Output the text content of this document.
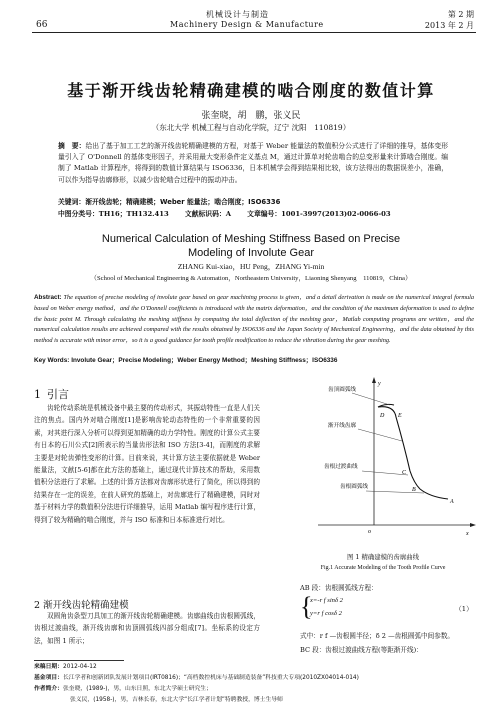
机械设计与制造	第 2 期
66	Machinery Design & Manufacture	2013 年 2 月
基于渐开线齿轮精确建模的啮合刚度的数值计算
张奎晓，胡　鹏，张义民
（东北大学 机械工程与自动化学院，辽宁 沈阳　110819）
摘　要：给出了基于加工工艺的渐开线齿轮精确建模的方程，对基于 Weber 能量法的数值积分公式进行了详细的推导，基体变形量引入了 O'Donnell 的基体变形因子，并采用最大变形条件定义基点 M，通过计算单对轮齿啮合的总变形量来计算啮合刚度。编制了 Matlab 计算程序，将得到的数值计算结果与 ISO6336，日本机械学会得到结果相比较，该方法得出的数据误差小，准确，可以作为指导齿廓修形，以减少齿轮啮合过程中的振动冲击。
关键词：渐开线齿轮；精确建模；Weber 能量法；啮合刚度；ISO6336
中图分类号：TH16；TH132.413 文献标识码：A 文章编号：1001-3997(2013)02-0066-03
Numerical Calculation of Meshing Stiffness Based on Precise
Modeling of Involute Gear
ZHANG Kui-xiao，HU Peng，ZHANG Yi-min
（School of Mechanical Engineering & Automation，Northeastern University，Liaoning Shenyang　110819，China）
Abstract: The equation of precise modeling of involute gear based on gear machining process is given，and a detail derivation is made on the numerical integral formula based on Weber energy method，and the O'Donnell coefficients is introduced with the matrix deformation，and the condition of the maximum deformation is used to define the basic point M. Through calculating the meshing stiffness by computing the total deflection of the meshing gear，Matlab computing programs are written，and the numerical calculation results are achieved compared with the results obtained by ISO6336 and the Japan Society of Mechanical Engineering，and the data obtained by this method is accurate with minor error，so it is a good guidance for tooth profile modification to reduce the vibration during the gear meshing.
Key Words: Involute Gear；Precise Modeling；Weber Energy Method；Meshing Stiffness；ISO6336
1 引言

齿轮传动系统是机械设备中最主要的传动形式，其振动特性一直是人们关注的焦点。国内外对啮合刚度[1]是影响齿轮动态特性的一个非常重要的因素，对其进行深入分析可以得到更加精确的动力学特性。刚度的计算公式主要有日本的石川公式[2]所表示的当量齿形法和 ISO 方法[3-4]，而刚度的求解主要是对轮齿弹性变形的计算。目前来说，其计算方法主要依据就是 Weber 能量法，文献[5-6]都在此方法的基础上，通过现代计算技术的帮助，采用数值积分法进行了求解。上述的计算方法都对齿廓形状进行了简化，所以得到的结果存在一定的误差，在前人研究的基础上，对齿廓进行了精确建模，同时对基于材料力学的数值积分法进行详细推导，运用 Matlab 编写程序进行计算，得到了较为精确的啮合刚度，并与 ISO 标准和日本标准进行对比。

2 渐开线齿轮精确建模

双圆角齿条型刀具加工的渐开线齿轮精确建模。齿廓曲线由齿根圆弧线，齿根过渡曲线，渐开线齿廓和齿顶圆弧线四部分组成[7]。坐标系的设定方法，如图 1 所示；

齿顶圆弧线
渐开线齿廓
齿根过渡曲线
齿根圆弧线
y
D E
C
B
A
o	x
图 1 精确建模的齿廓曲线
Fig.1 Accurate Modeling of the Tooth Profile Curve
AB 段：齿根圆弧线方程：
{
x=-r f sinδ 2
y=r f cosδ 2
（1）
式中：r f —齿根圆半径；δ 2 —齿根圆弧中间参数。
BC 段：齿根过渡曲线方程(等距渐开线)：
来稿日期：2012-04-12
基金项目：长江学者和创新团队发展计划项目(IRT0816)；“高档数控机床与基础制造装备”科技重大专项(2010ZX04014-014)
作者简介：张奎晓，(1989-)，男，山东日照，东北大学硕士研究生；
张义民，(1958-)，男，吉林长春，东北大学“长江学者计划”特聘教授，博士生导师
